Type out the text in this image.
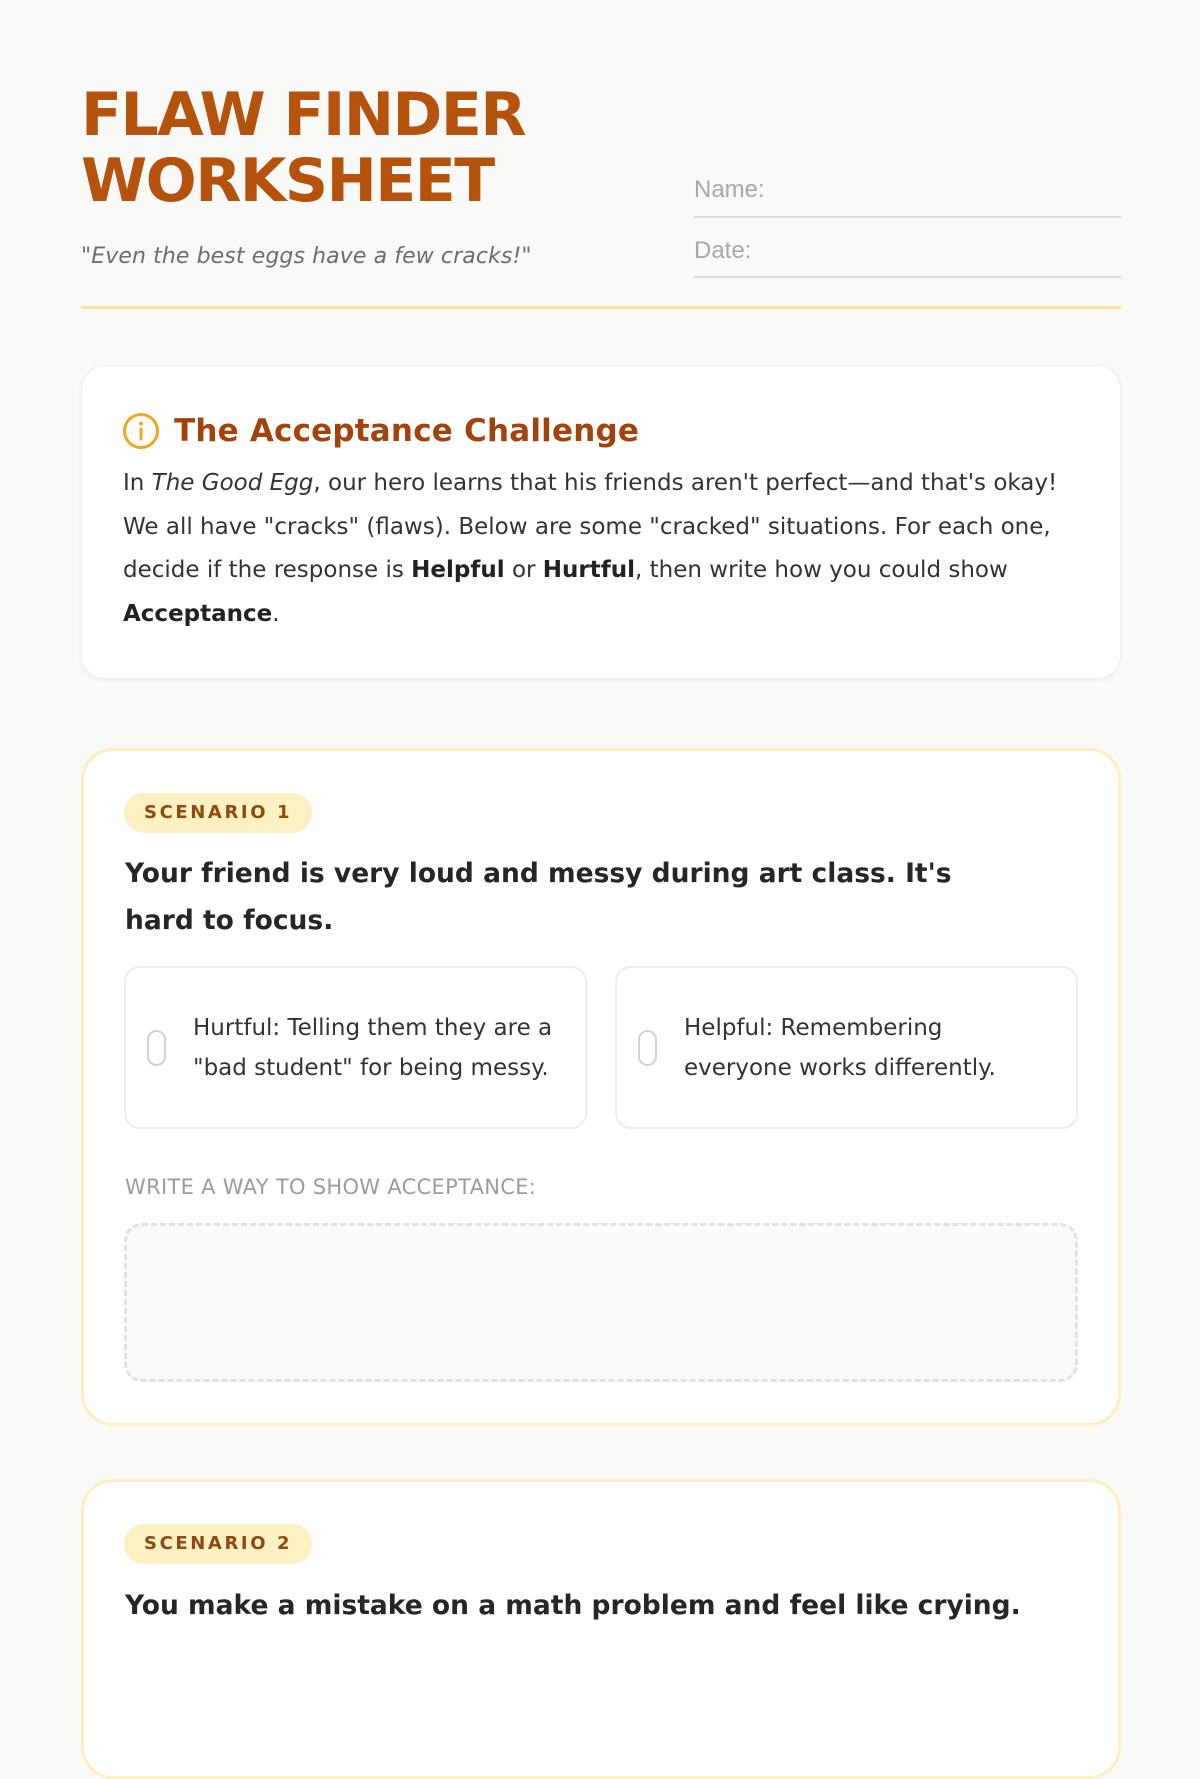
FLAW FINDER
WORKSHEET

"Even the best eggs have a few cracks!"

Name:
Date:
The Acceptance Challenge

In The Good Egg, our hero learns that his friends aren't perfect—and that's okay! We all have "cracks" (flaws). Below are some "cracked" situations. For each one, decide if the response is Helpful or Hurtful, then write how you could show Acceptance.

SCENARIO 1

Your friend is very loud and messy during art class. It's hard to focus.

Hurtful: Telling them they are a "bad student" for being messy.
Helpful: Remembering everyone works differently.

WRITE A WAY TO SHOW ACCEPTANCE:

SCENARIO 2

You make a mistake on a math problem and feel like crying.
